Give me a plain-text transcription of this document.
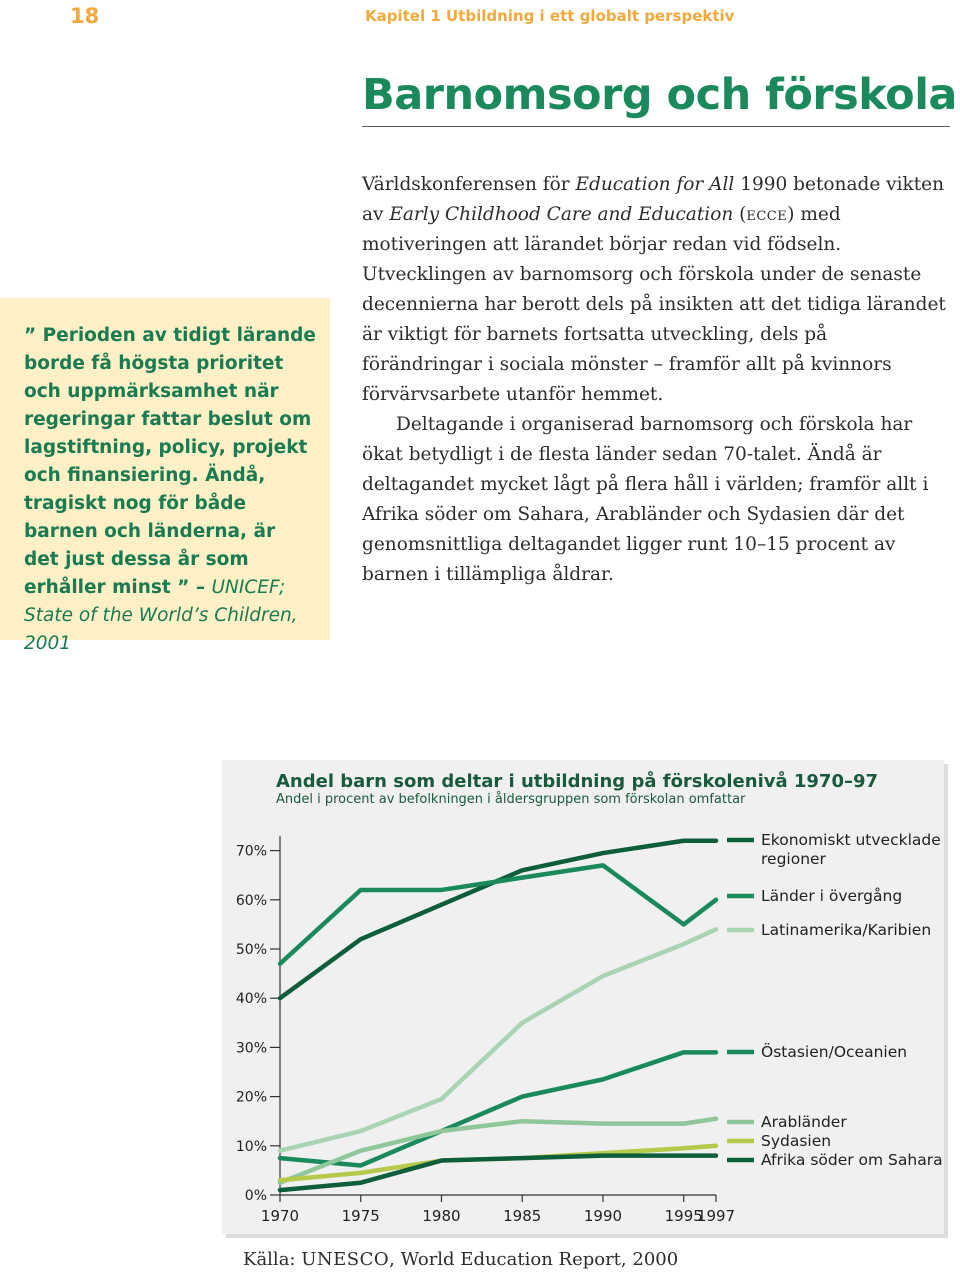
18	Kapitel 1 Utbildning i ett globalt perspektiv
Barnomsorg och förskola

Världskonferensen för Education for All 1990 betonade vikten av Early Childhood Care and Education (ecce) med motiveringen att lärandet börjar redan vid födseln. Utvecklingen av barnomsorg och förskola under de senaste decennierna har berott dels på insikten att det tidiga lärandet är viktigt för barnets fortsatta utveckling, dels på förändringar i sociala mönster – framför allt på kvinnors förvärvsarbete utanför hemmet.

Deltagande i organiserad barnomsorg och förskola har ökat betydligt i de flesta länder sedan 70-talet. Ändå är deltagandet mycket lågt på flera håll i världen; framför allt i Afrika söder om Sahara, Arabländer och Sydasien där det genomsnittliga deltagandet ligger runt 10–15 procent av barnen i tillämpliga åldrar.

” Perioden av tidigt lärande borde få högsta prioritet och uppmärksamhet när regeringar fattar beslut om lagstiftning, policy, projekt och finansiering. Ändå, tragiskt nog för både barnen och länderna, är det just dessa år som erhåller minst ” – UNICEF; State of the World’s Children, 2001
Andel barn som deltar i utbildning på förskolenivå 1970–97
Andel i procent av befolkningen i åldersgruppen som förskolan omfattar
0%
10%
20%
30%
40%
50%
60%
70%
1970	1975	1980	1985	1990	1995
1997
Ekonomiskt utvecklade regioner
Länder i övergång
Latinamerika/Karibien
Östasien/Oceanien
Arabländer
Sydasien
Afrika söder om Sahara
Källa: UNESCO, World Education Report, 2000
